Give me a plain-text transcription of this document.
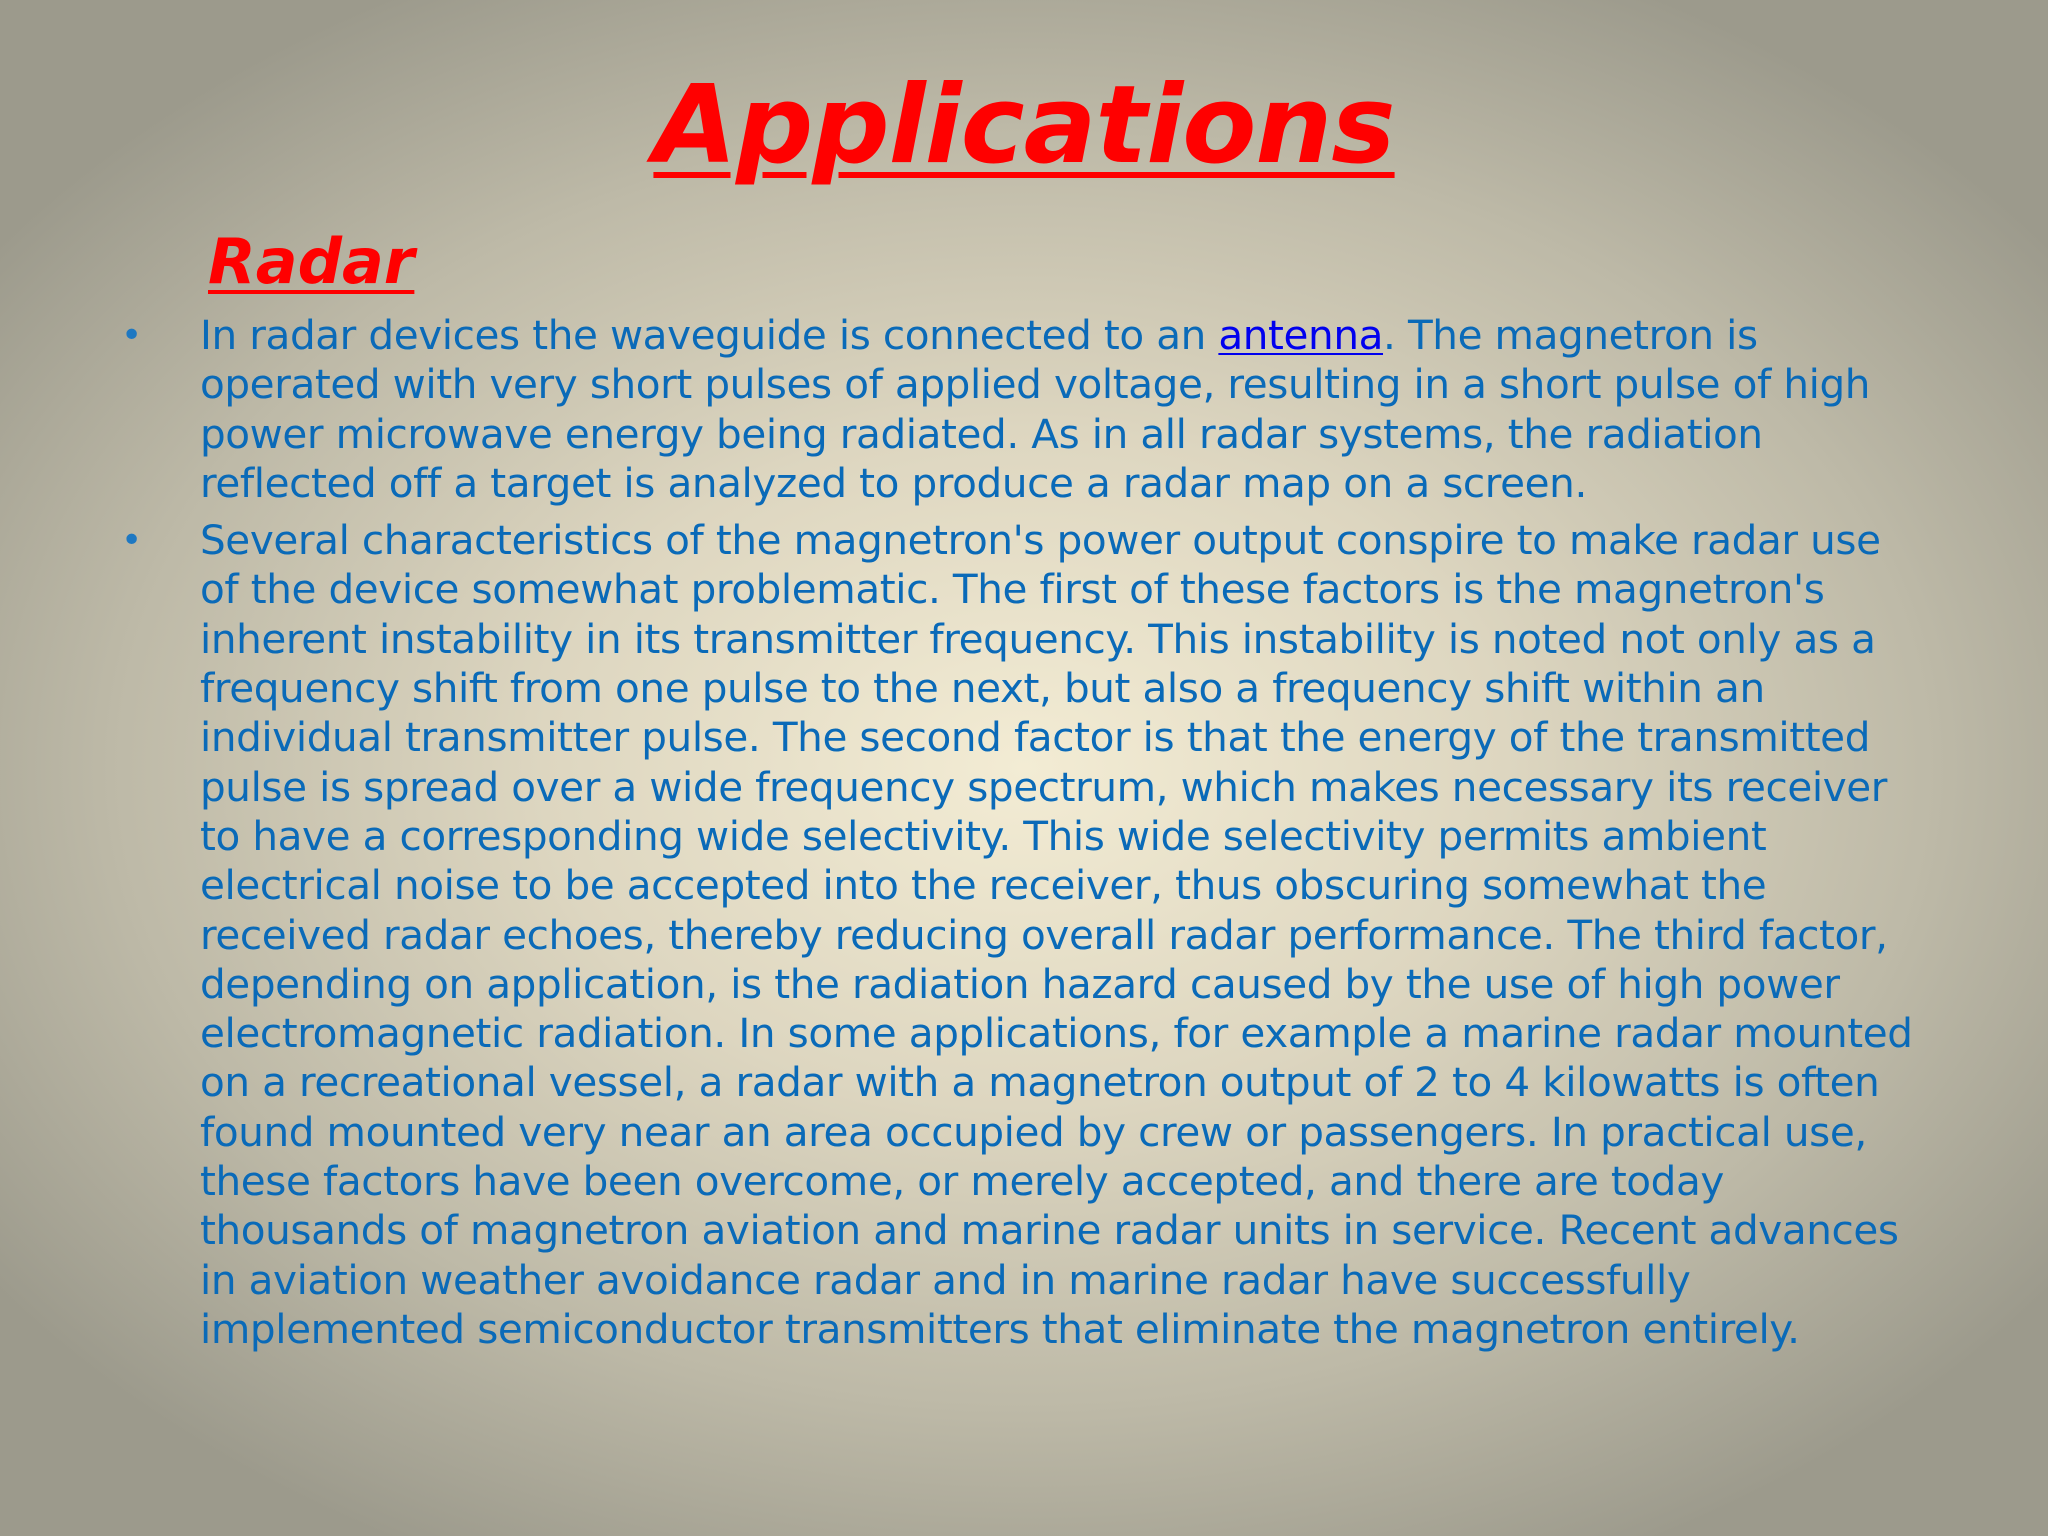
Applications
Radar
• In radar devices the waveguide is connected to an antenna. The magnetron is operated with very short pulses of applied voltage, resulting in a short pulse of high power microwave energy being radiated. As in all radar systems, the radiation reflected off a target is analyzed to produce a radar map on a screen.
• Several characteristics of the magnetron's power output conspire to make radar use of the device somewhat problematic. The first of these factors is the magnetron's inherent instability in its transmitter frequency. This instability is noted not only as a frequency shift from one pulse to the next, but also a frequency shift within an individual transmitter pulse. The second factor is that the energy of the transmitted pulse is spread over a wide frequency spectrum, which makes necessary its receiver to have a corresponding wide selectivity. This wide selectivity permits ambient electrical noise to be accepted into the receiver, thus obscuring somewhat the received radar echoes, thereby reducing overall radar performance. The third factor, depending on application, is the radiation hazard caused by the use of high power electromagnetic radiation. In some applications, for example a marine radar mounted on a recreational vessel, a radar with a magnetron output of 2 to 4 kilowatts is often found mounted very near an area occupied by crew or passengers. In practical use, these factors have been overcome, or merely accepted, and there are today thousands of magnetron aviation and marine radar units in service. Recent advances in aviation weather avoidance radar and in marine radar have successfully implemented semiconductor transmitters that eliminate the magnetron entirely.
